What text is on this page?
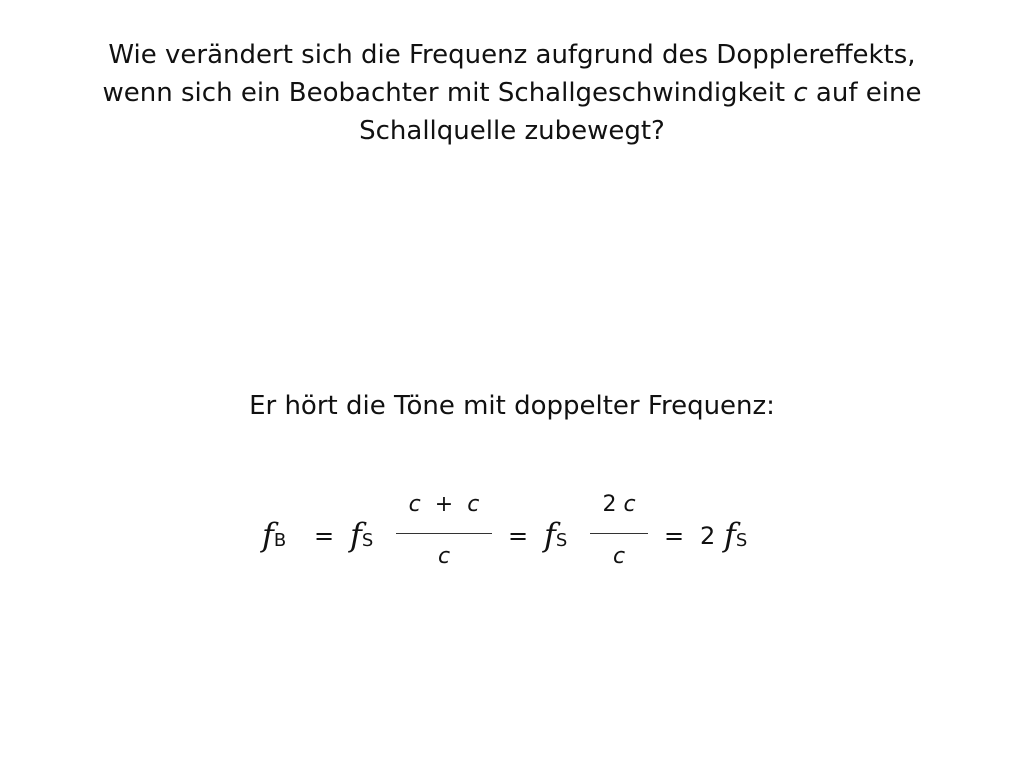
Wie verändert sich die Frequenz aufgrund des Dopplereffekts,
wenn sich ein Beobachter mit Schallgeschwindigkeit c auf eine
Schallquelle zubewegt?
Er hört die Töne mit doppelter Frequenz:
fB = fS
c + c
c
= fS
2 c
c
= 2 fS
